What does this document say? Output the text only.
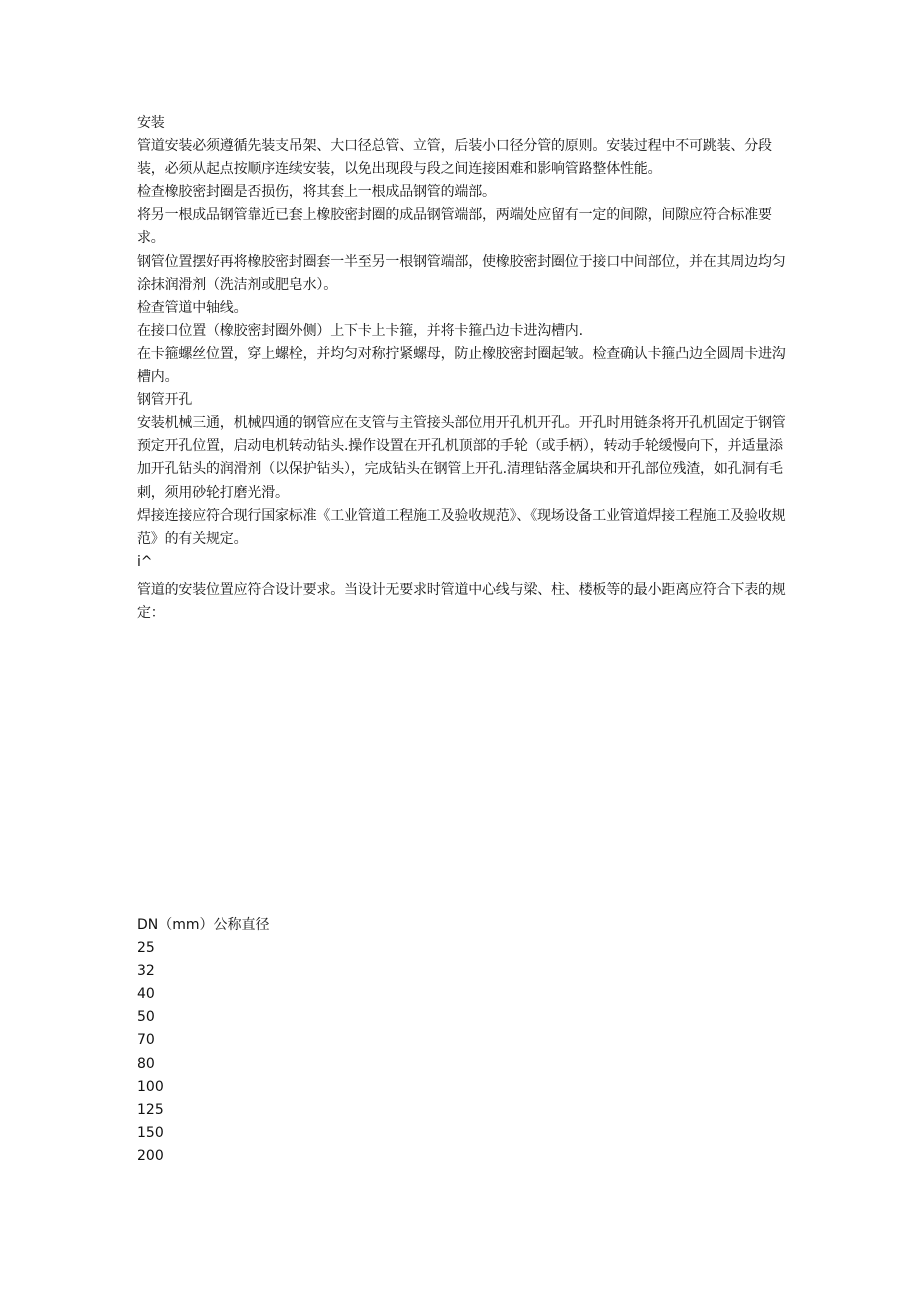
安装

管道安装必须遵循先装支吊架、大口径总管、立管，后装小口径分管的原则。安装过程中不可跳装、分段装，必须从起点按顺序连续安装，以免出现段与段之间连接困难和影响管路整体性能。

检查橡胶密封圈是否损伤，将其套上一根成品钢管的端部。

将另一根成品钢管靠近已套上橡胶密封圈的成品钢管端部，两端处应留有一定的间隙，间隙应符合标准要求。

钢管位置摆好再将橡胶密封圈套一半至另一根钢管端部，使橡胶密封圈位于接口中间部位，并在其周边均匀涂抹润滑剂（洗洁剂或肥皂水）。

检查管道中轴线。

在接口位置（橡胶密封圈外侧）上下卡上卡箍，并将卡箍凸边卡进沟槽内.

在卡箍螺丝位置，穿上螺栓，并均匀对称拧紧螺母，防止橡胶密封圈起皱。检查确认卡箍凸边全圆周卡进沟槽内。

钢管开孔

安装机械三通，机械四通的钢管应在支管与主管接头部位用开孔机开孔。开孔时用链条将开孔机固定于钢管预定开孔位置，启动电机转动钻头.操作设置在开孔机顶部的手轮（或手柄），转动手轮缓慢向下，并适量添加开孔钻头的润滑剂（以保护钻头），完成钻头在钢管上开孔.清理钻落金属块和开孔部位残渣，如孔洞有毛刺，须用砂轮打磨光滑。

焊接连接应符合现行国家标准《工业管道工程施工及验收规范》、《现场设备工业管道焊接工程施工及验收规范》的有关规定。

i^

管道的安装位置应符合设计要求。当设计无要求时管道中心线与梁、柱、楼板等的最小距离应符合下表的规定：

DN（mm）公称直径

25

32

40

50

70

80

100

125

150

200
